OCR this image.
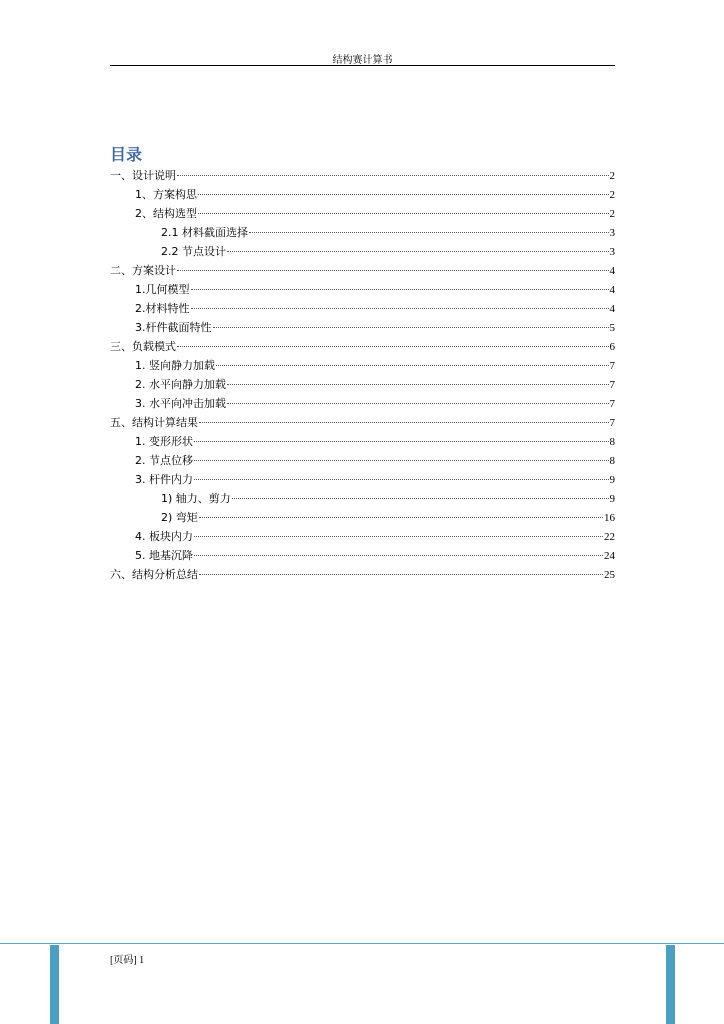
结构赛计算书
目录
一、设计说明	2
1、方案构思	2
2、结构选型	2
2.1 材料截面选择	3
2.2 节点设计	3
二、方案设计	4
1.几何模型	4
2.材料特性	4
3.杆件截面特性	5
三、负载模式	6
1. 竖向静力加载	7
2. 水平向静力加载	7
3. 水平向冲击加载	7
五、结构计算结果	7
1. 变形形状	8
2. 节点位移	8
3. 杆件内力	9
1) 轴力、剪力	9
2) 弯矩	16
4. 板块内力	22
5. 地基沉降	24
六、结构分析总结	25
[页码] 1
